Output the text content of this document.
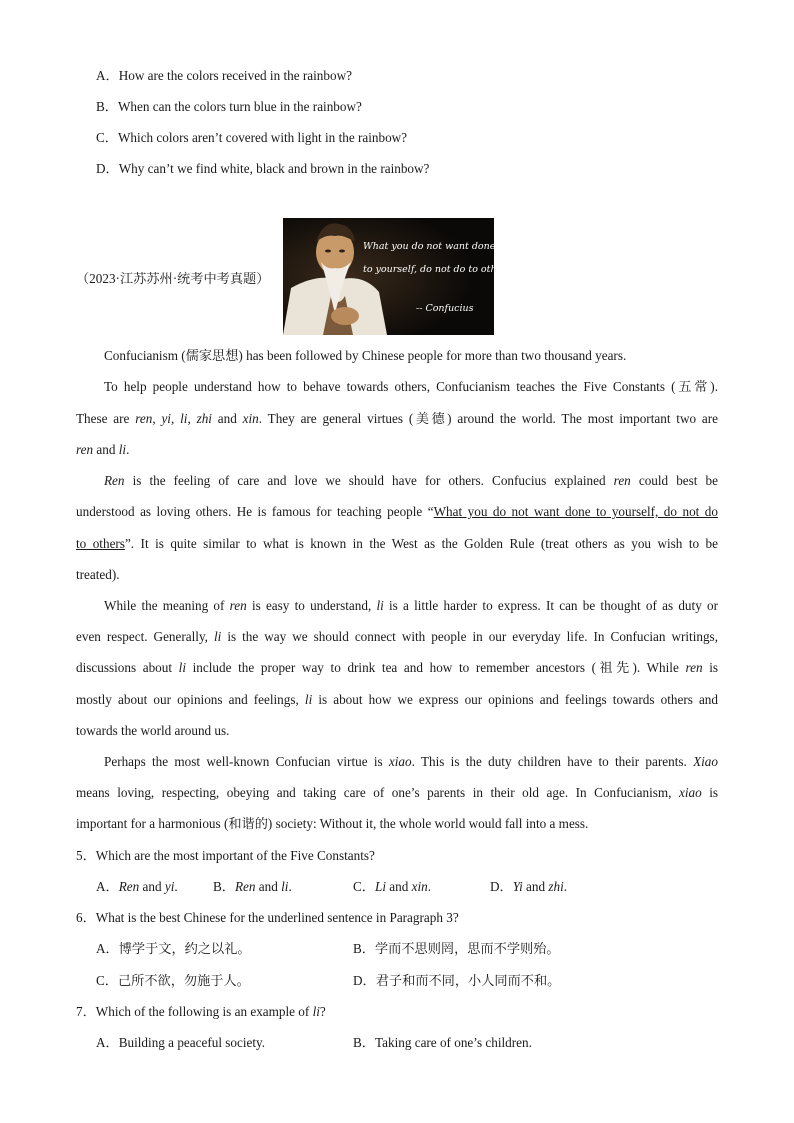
A．How are the colors received in the rainbow?
B．When can the colors turn blue in the rainbow?
C．Which colors aren’t covered with light in the rainbow?
D．Why can’t we find white, black and brown in the rainbow?
（2023·江苏苏州·统考中考真题）
What you do not want done
to yourself, do not do to others.
-- Confucius
Confucianism (儒家思想) has been followed by Chinese people for more than two thousand years.
To help people understand how to behave towards others, Confucianism teaches the Five Constants (五常).
These are ren, yi, li, zhi and xin. They are general virtues (美德) around the world. The most important two are
ren and li.
Ren is the feeling of care and love we should have for others. Confucius explained ren could best be
understood as loving others. He is famous for teaching people “What you do not want done to yourself, do not do
to others”. It is quite similar to what is known in the West as the Golden Rule (treat others as you wish to be
treated).
While the meaning of ren is easy to understand, li is a little harder to express. It can be thought of as duty or
even respect. Generally, li is the way we should connect with people in our everyday life. In Confucian writings,
discussions about li include the proper way to drink tea and how to remember ancestors (祖先). While ren is
mostly about our opinions and feelings, li is about how we express our opinions and feelings towards others and
towards the world around us.
Perhaps the most well-known Confucian virtue is xiao. This is the duty children have to their parents. Xiao
means loving, respecting, obeying and taking care of one’s parents in their old age. In Confucianism, xiao is
important for a harmonious (和谐的) society: Without it, the whole world would fall into a mess.
5．Which are the most important of the Five Constants?
A．Ren and yi.	B．Ren and li.	C．Li and xin.	D．Yi and zhi.
6．What is the best Chinese for the underlined sentence in Paragraph 3?
A．博学于文，约之以礼。	B．学而不思则罔，思而不学则殆。
C．己所不欲，勿施于人。	D．君子和而不同，小人同而不和。
7．Which of the following is an example of li?
A．Building a peaceful society.	B．Taking care of one’s children.
